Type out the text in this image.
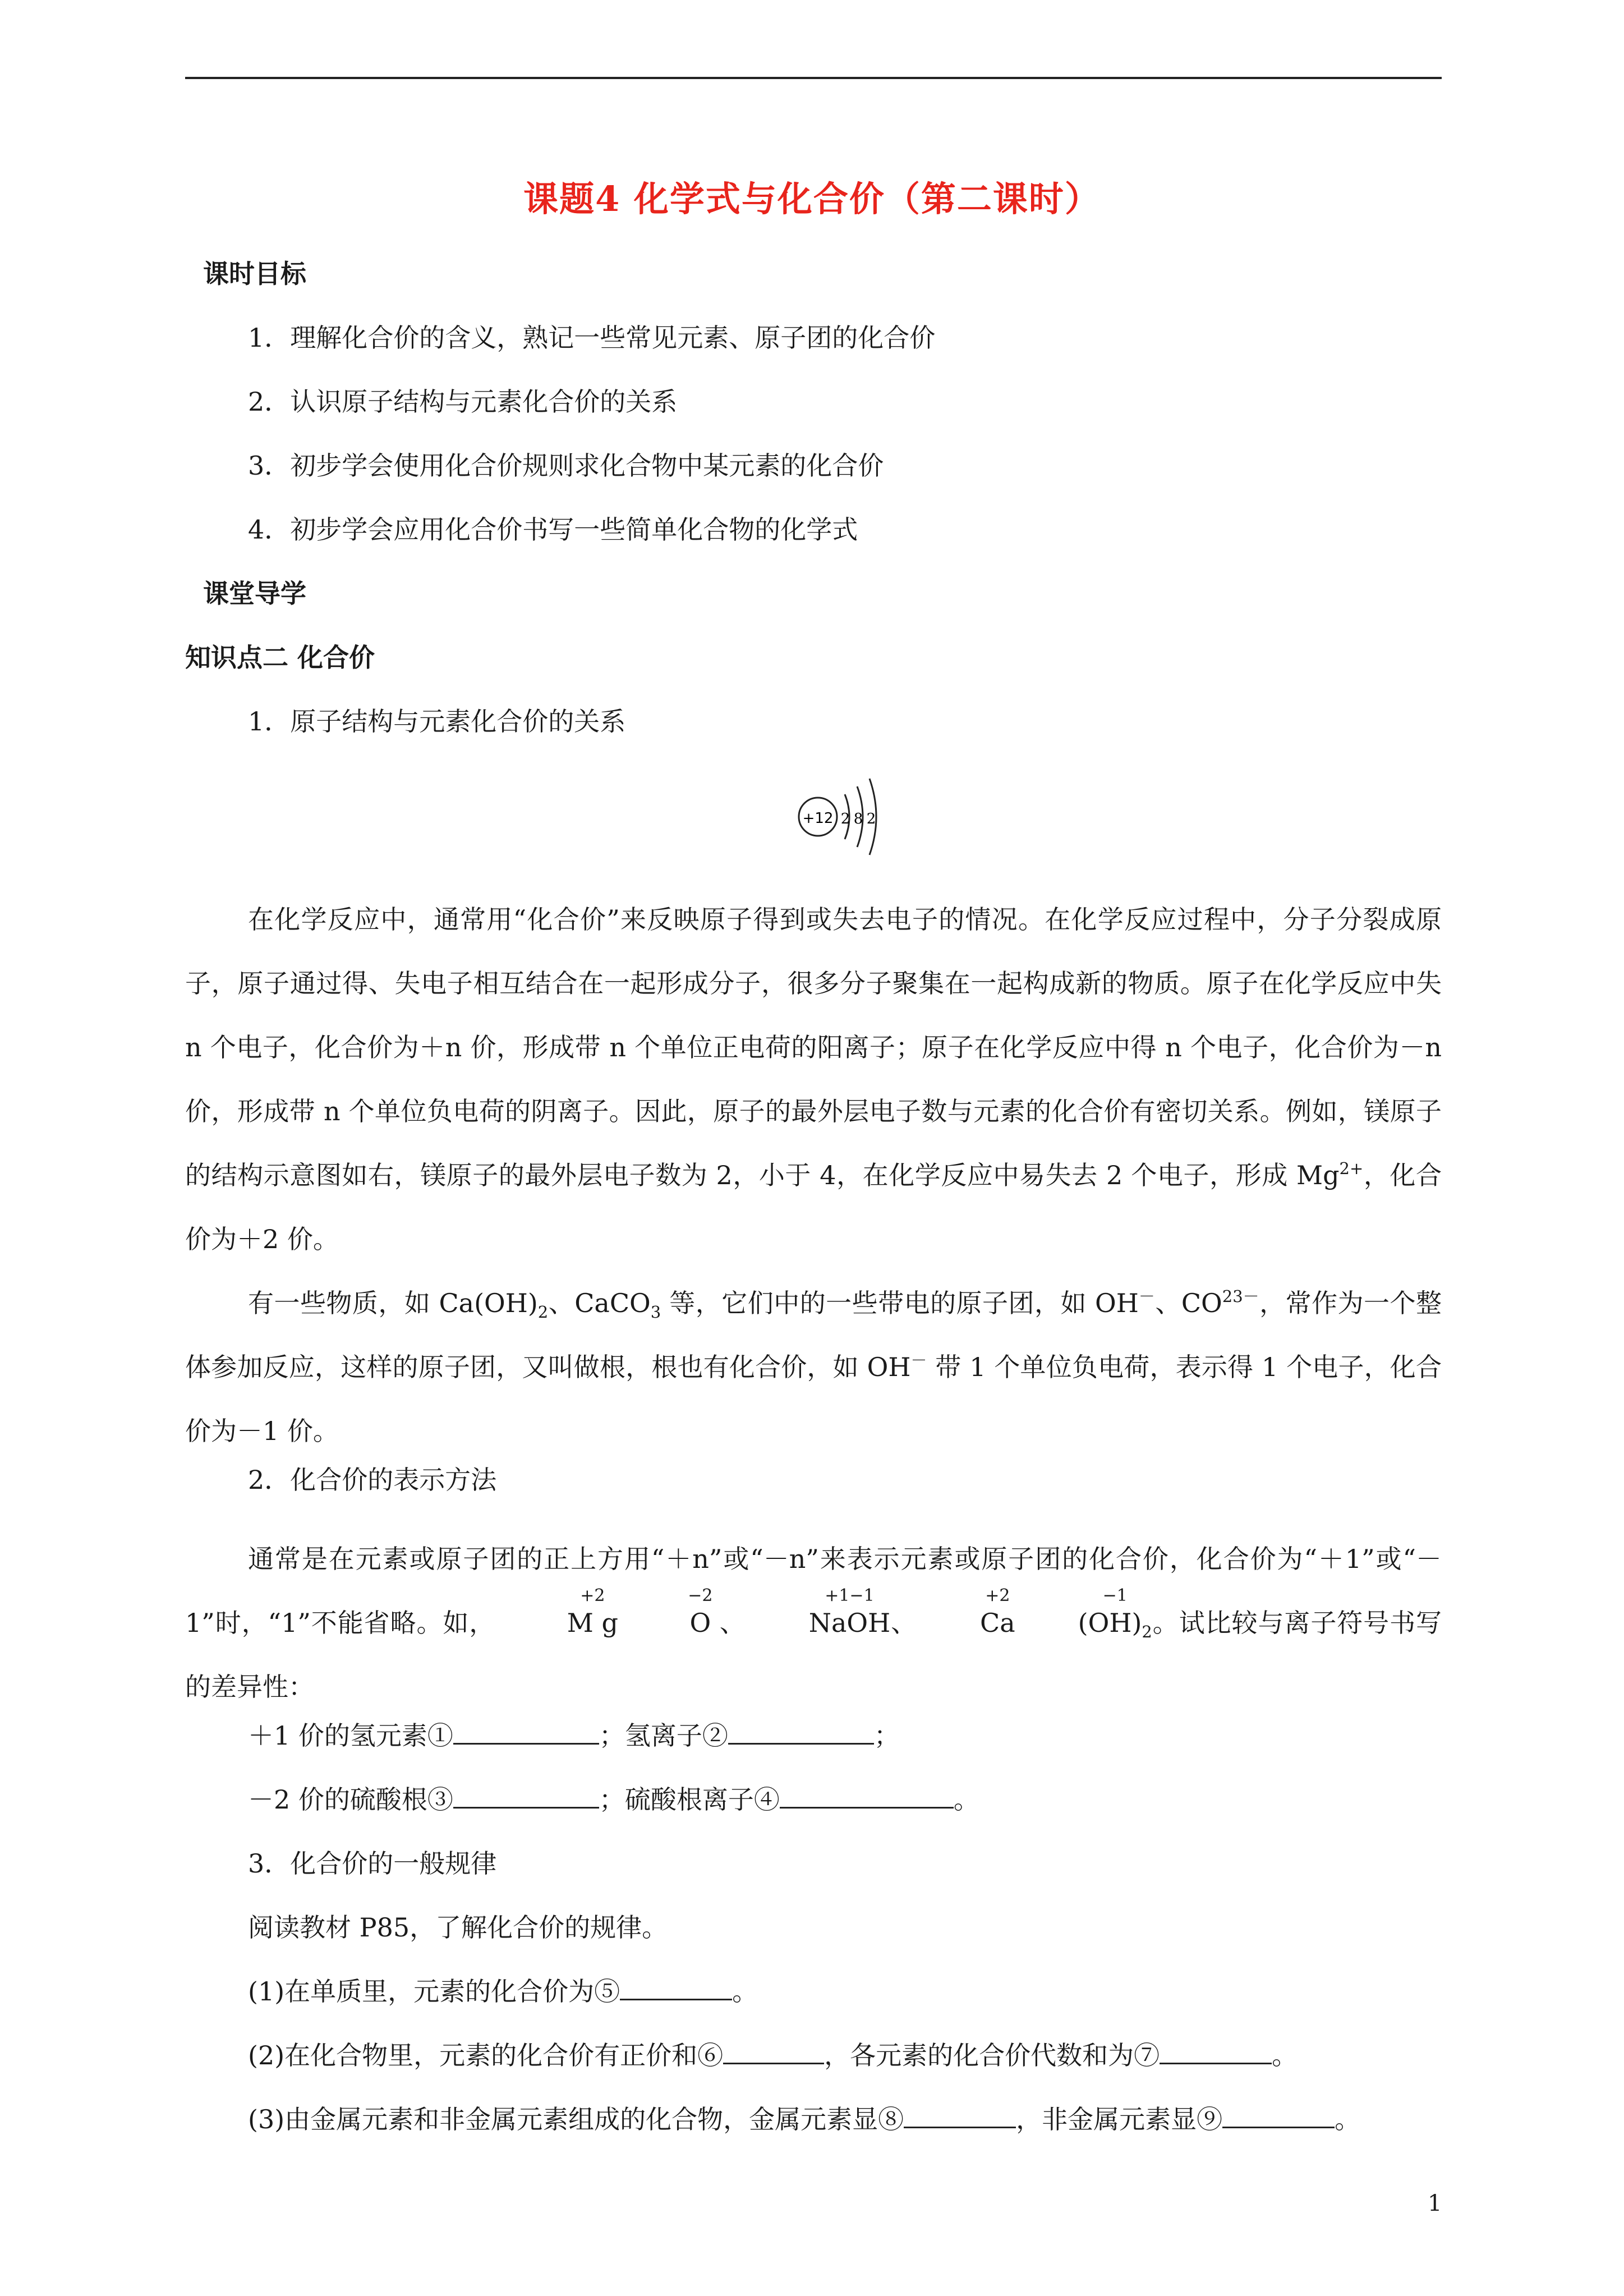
课题4 化学式与化合价（第二课时）
课时目标
1．理解化合价的含义，熟记一些常见元素、原子团的化合价
2．认识原子结构与元素化合价的关系
3．初步学会使用化合价规则求化合物中某元素的化合价
4．初步学会应用化合价书写一些简单化合物的化学式
课堂导学
知识点二 化合价
1．原子结构与元素化合价的关系
+12 2 8 2

在化学反应中，通常用“化合价”来反映原子得到或失去电子的情况。在化学反应过程中，分子分裂成原子，原子通过得、失电子相互结合在一起形成分子，很多分子聚集在一起构成新的物质。原子在化学反应中失 n 个电子，化合价为＋n 价，形成带 n 个单位正电荷的阳离子；原子在化学反应中得 n 个电子，化合价为－n 价，形成带 n 个单位负电荷的阴离子。因此，原子的最外层电子数与元素的化合价有密切关系。例如，镁原子的结构示意图如右，镁原子的最外层电子数为 2，小于 4，在化学反应中易失去 2 个电子，形成 $Mg^{2+}$，化合价为＋2 价。

有一些物质，如 $Ca(OH)_2$、CaCO$_3$ 等，它们中的一些带电的原子团，如 OH－、$CO^{23-}$，常作为一个整体参加反应，这样的原子团，又叫做根，根也有化合价，如 OH－ 带 1 个单位负电荷，表示得 1 个电子，化合价为－1 价。

2．化合价的表示方法

通常是在元素或原子团的正上方用“＋n”或“－n”来表示元素或原子团的化合价，化合价为“＋1”或“－1”时，“1”不能省略。如，
+2
M g
−2
O 、
+1−1
NaOH、
+2
Ca
−1
$(OH)_2$。试比较与离子符号书写的差异性：

＋1 价的氢元素①	；氢离子②	；
－2 价的硫酸根③	；硫酸根离子④	。
3．化合价的一般规律
阅读教材 P85，了解化合价的规律。
(1)在单质里，元素的化合价为⑤	。
(2)在化合物里，元素的化合价有正价和⑥	，各元素的化合价代数和为⑦	。
(3)由金属元素和非金属元素组成的化合物，金属元素显⑧	，非金属元素显⑨	。
1
